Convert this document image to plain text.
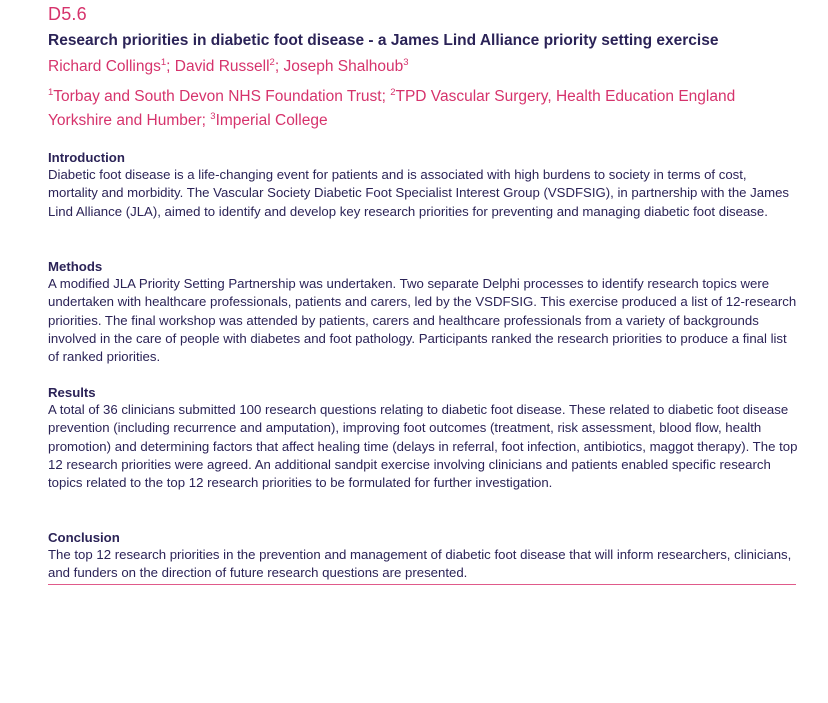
D5.6
Research priorities in diabetic foot disease - a James Lind Alliance priority setting exercise
Richard Collings$^1$; David Russell$^2$; Joseph Shalhoub$^3$
$^1$Torbay and South Devon NHS Foundation Trust; $^2$TPD Vascular Surgery, Health Education England Yorkshire and Humber; $^3$Imperial College
Introduction

Diabetic foot disease is a life-changing event for patients and is associated with high burdens to society in terms of cost, mortality and morbidity. The Vascular Society Diabetic Foot Specialist Interest Group (VSDFSIG), in partnership with the James Lind Alliance (JLA), aimed to identify and develop key research priorities for preventing and managing diabetic foot disease.

Methods

A modified JLA Priority Setting Partnership was undertaken. Two separate Delphi processes to identify research topics were undertaken with healthcare professionals, patients and carers, led by the VSDFSIG. This exercise produced a list of 12-research priorities. The final workshop was attended by patients, carers and healthcare professionals from a variety of backgrounds involved in the care of people with diabetes and foot pathology. Participants ranked the research priorities to produce a final list of ranked priorities.

Results

A total of 36 clinicians submitted 100 research questions relating to diabetic foot disease. These related to diabetic foot disease prevention (including recurrence and amputation), improving foot outcomes (treatment, risk assessment, blood flow, health promotion) and determining factors that affect healing time (delays in referral, foot infection, antibiotics, maggot therapy). The top 12 research priorities were agreed. An additional sandpit exercise involving clinicians and patients enabled specific research topics related to the top 12 research priorities to be formulated for further investigation.

Conclusion

The top 12 research priorities in the prevention and management of diabetic foot disease that will inform researchers, clinicians, and funders on the direction of future research questions are presented.
